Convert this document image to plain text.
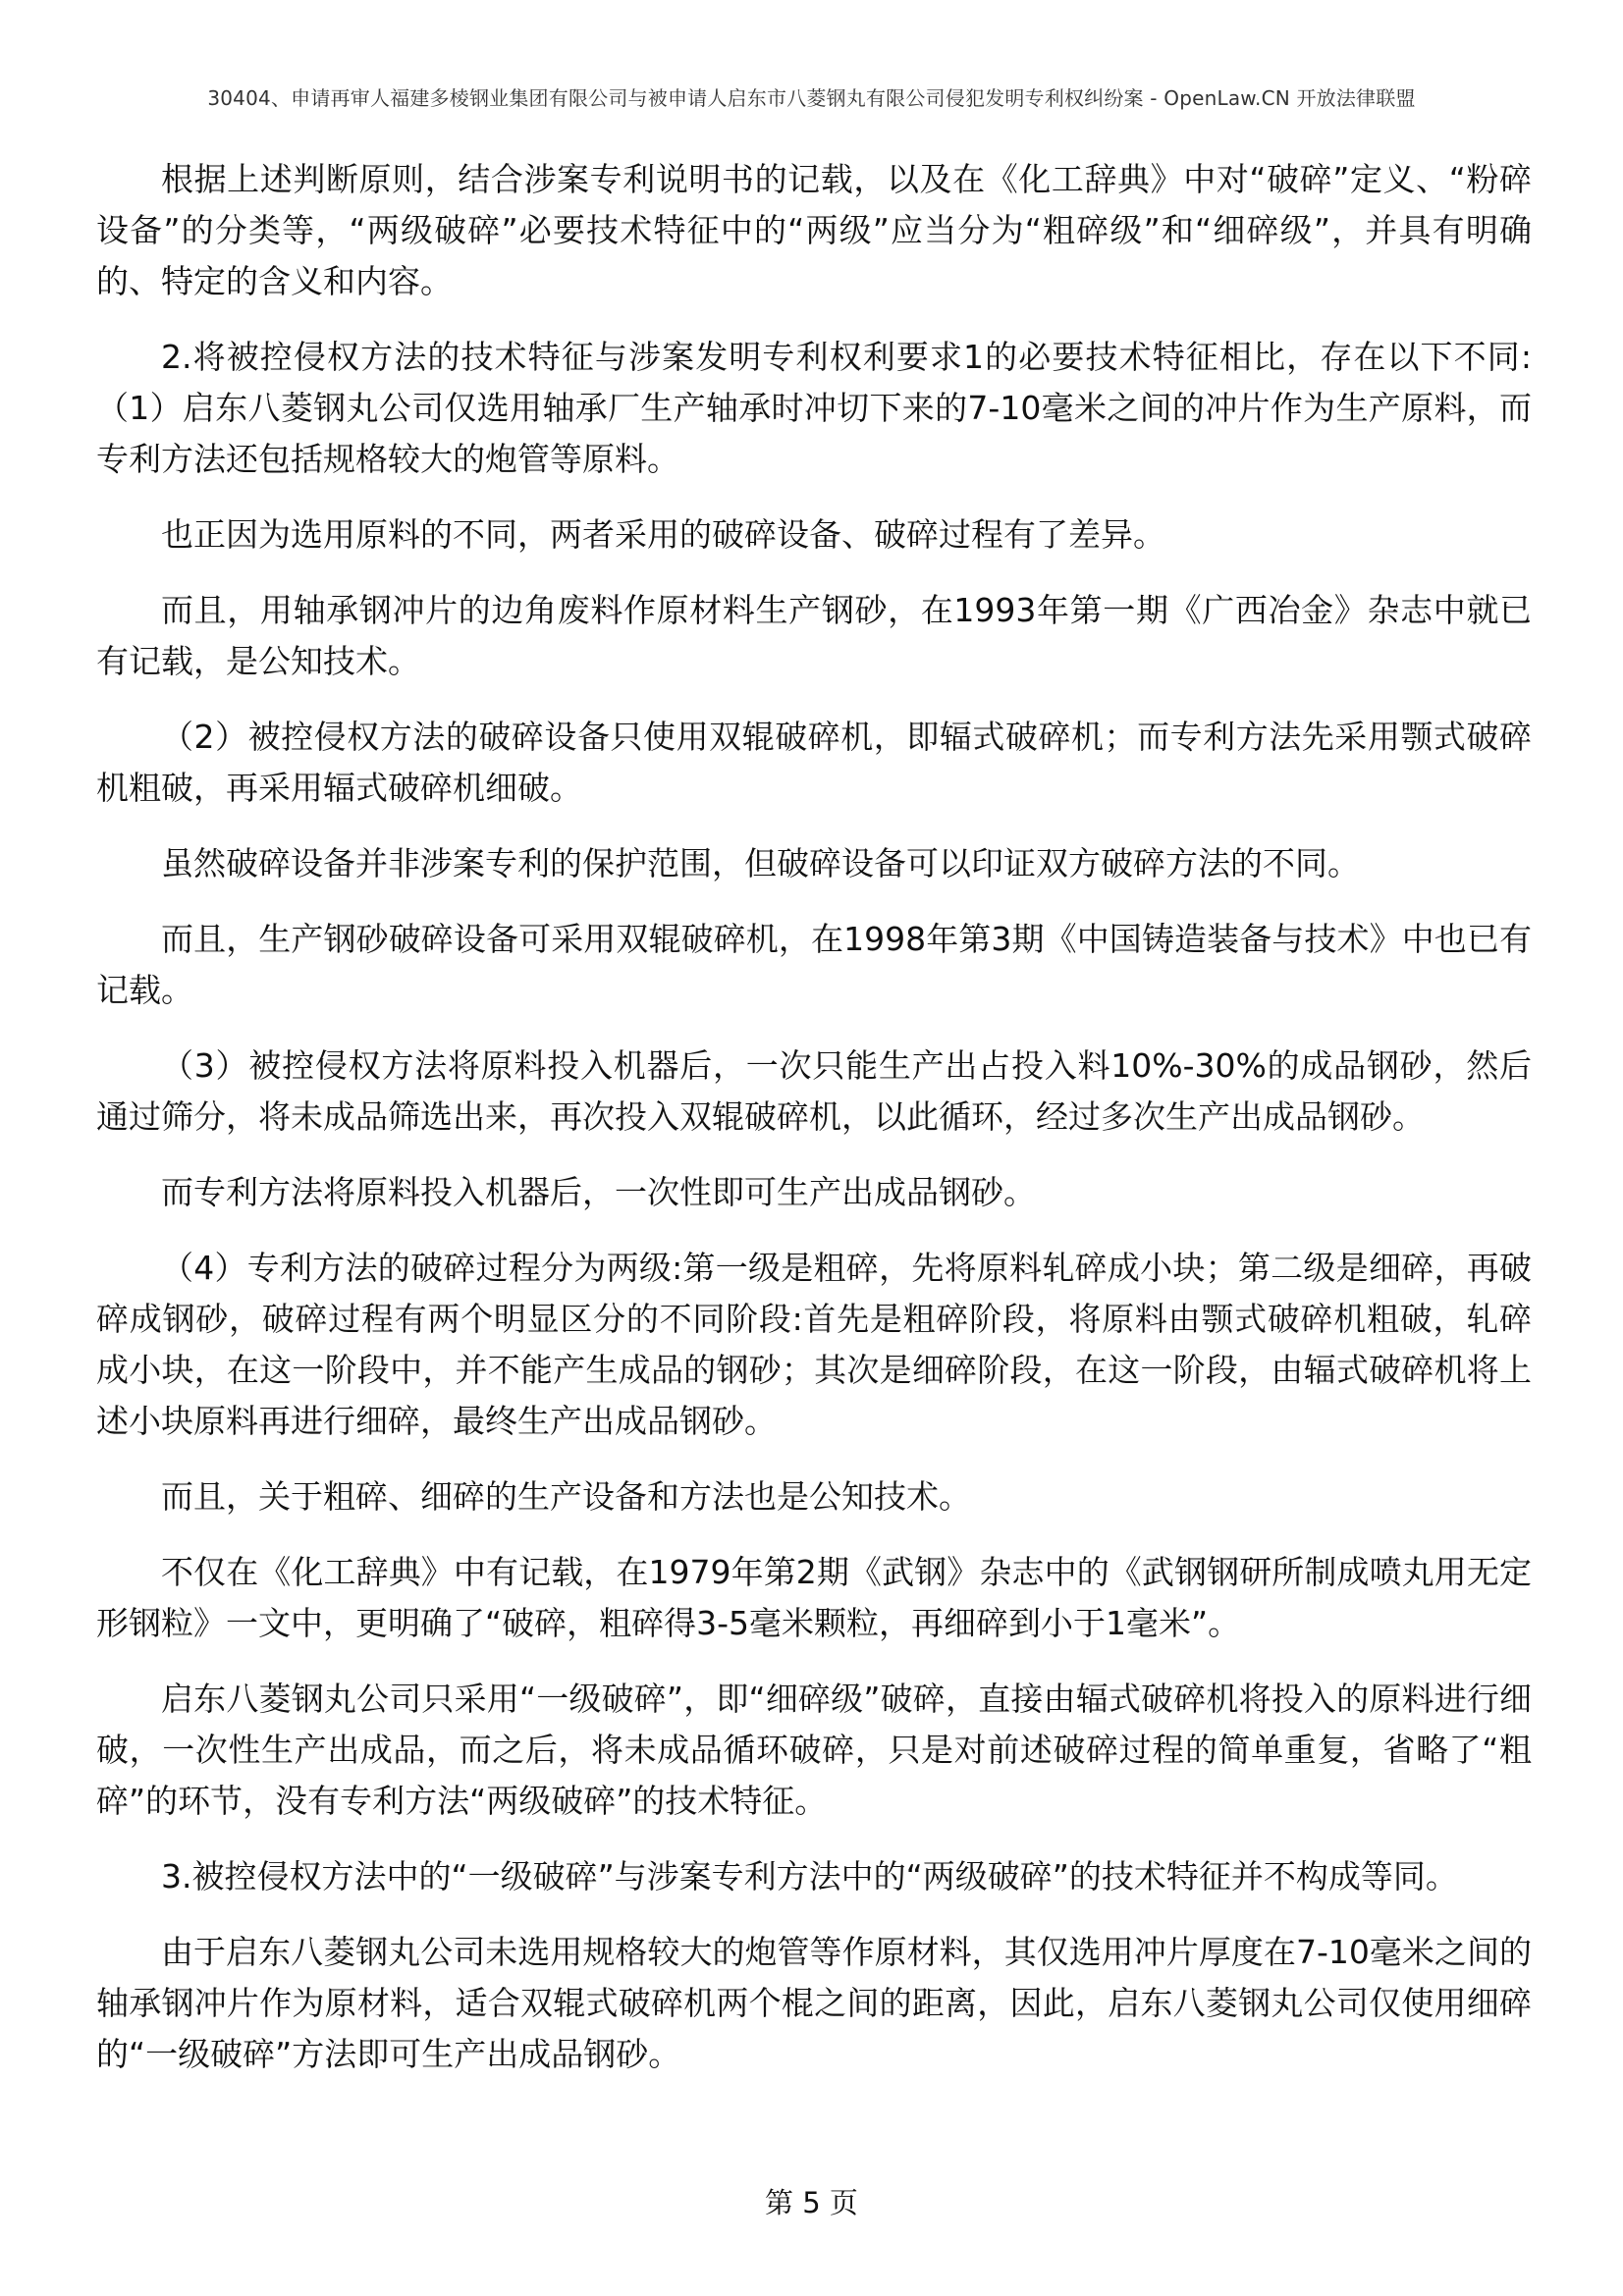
30404、申请再审人福建多棱钢业集团有限公司与被申请人启东市八菱钢丸有限公司侵犯发明专利权纠纷案 - OpenLaw.CN 开放法律联盟

根据上述判断原则，结合涉案专利说明书的记载，以及在《化工辞典》中对“破碎”定义、“粉碎设备”的分类等，“两级破碎”必要技术特征中的“两级”应当分为“粗碎级”和“细碎级”，并具有明确的、特定的含义和内容。

2.将被控侵权方法的技术特征与涉案发明专利权利要求1的必要技术特征相比，存在以下不同:（1）启东八菱钢丸公司仅选用轴承厂生产轴承时冲切下来的7-10毫米之间的冲片作为生产原料，而专利方法还包括规格较大的炮管等原料。

也正因为选用原料的不同，两者采用的破碎设备、破碎过程有了差异。

而且，用轴承钢冲片的边角废料作原材料生产钢砂，在1993年第一期《广西冶金》杂志中就已有记载，是公知技术。

（2）被控侵权方法的破碎设备只使用双辊破碎机，即辐式破碎机；而专利方法先采用颚式破碎机粗破，再采用辐式破碎机细破。

虽然破碎设备并非涉案专利的保护范围，但破碎设备可以印证双方破碎方法的不同。

而且，生产钢砂破碎设备可采用双辊破碎机，在1998年第3期《中国铸造装备与技术》中也已有记载。

（3）被控侵权方法将原料投入机器后，一次只能生产出占投入料10%-30%的成品钢砂，然后通过筛分，将未成品筛选出来，再次投入双辊破碎机，以此循环，经过多次生产出成品钢砂。

而专利方法将原料投入机器后，一次性即可生产出成品钢砂。

（4）专利方法的破碎过程分为两级:第一级是粗碎，先将原料轧碎成小块；第二级是细碎，再破碎成钢砂，破碎过程有两个明显区分的不同阶段:首先是粗碎阶段，将原料由颚式破碎机粗破，轧碎成小块，在这一阶段中，并不能产生成品的钢砂；其次是细碎阶段，在这一阶段，由辐式破碎机将上述小块原料再进行细碎，最终生产出成品钢砂。

而且，关于粗碎、细碎的生产设备和方法也是公知技术。

不仅在《化工辞典》中有记载，在1979年第2期《武钢》杂志中的《武钢钢研所制成喷丸用无定形钢粒》一文中，更明确了“破碎，粗碎得3-5毫米颗粒，再细碎到小于1毫米”。

启东八菱钢丸公司只采用“一级破碎”，即“细碎级”破碎，直接由辐式破碎机将投入的原料进行细破，一次性生产出成品，而之后，将未成品循环破碎，只是对前述破碎过程的简单重复，省略了“粗碎”的环节，没有专利方法“两级破碎”的技术特征。

3.被控侵权方法中的“一级破碎”与涉案专利方法中的“两级破碎”的技术特征并不构成等同。

由于启东八菱钢丸公司未选用规格较大的炮管等作原材料，其仅选用冲片厚度在7-10毫米之间的轴承钢冲片作为原材料，适合双辊式破碎机两个棍之间的距离，因此，启东八菱钢丸公司仅使用细碎的“一级破碎”方法即可生产出成品钢砂。

第 5 页
